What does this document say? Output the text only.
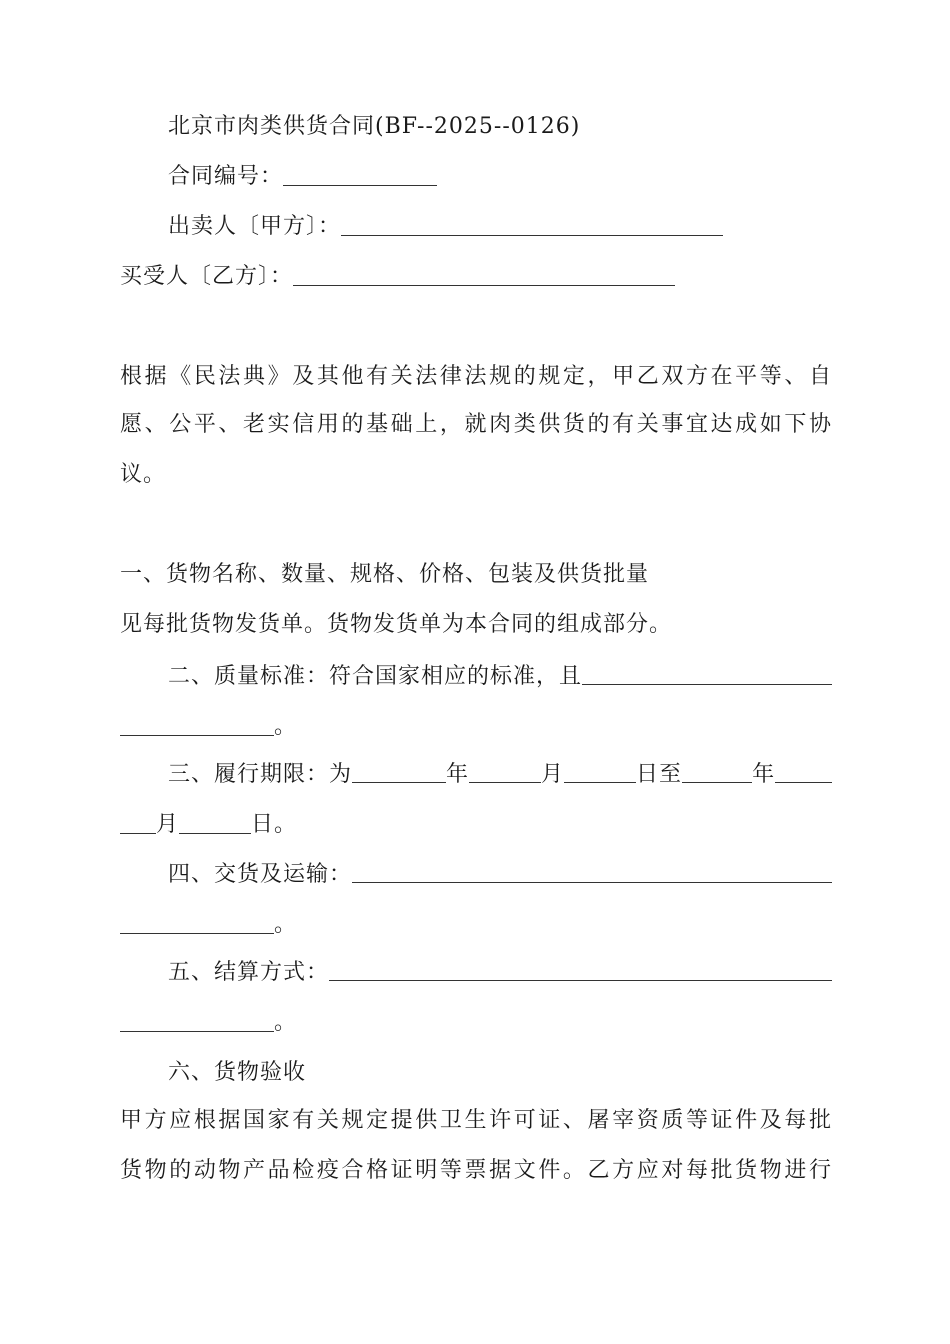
北京市肉类供货合同(BF--2025--0126)
合同编号：
出卖人〔甲方〕：
买受人〔乙方〕：
根据《民法典》及其他有关法律法规的规定，甲乙双方在平等、自
愿、公平、老实信用的基础上，就肉类供货的有关事宜达成如下协
议。
一、货物名称、数量、规格、价格、包装及供货批量
见每批货物发货单。货物发货单为本合同的组成部分。
二、质量标准：符合国家相应的标准，且
。
三、履行期限：为	年	月	日至	年
月	日。
四、交货及运输：
。
五、结算方式：
。
六、货物验收
甲方应根据国家有关规定提供卫生许可证、屠宰资质等证件及每批
货物的动物产品检疫合格证明等票据文件。乙方应对每批货物进行
